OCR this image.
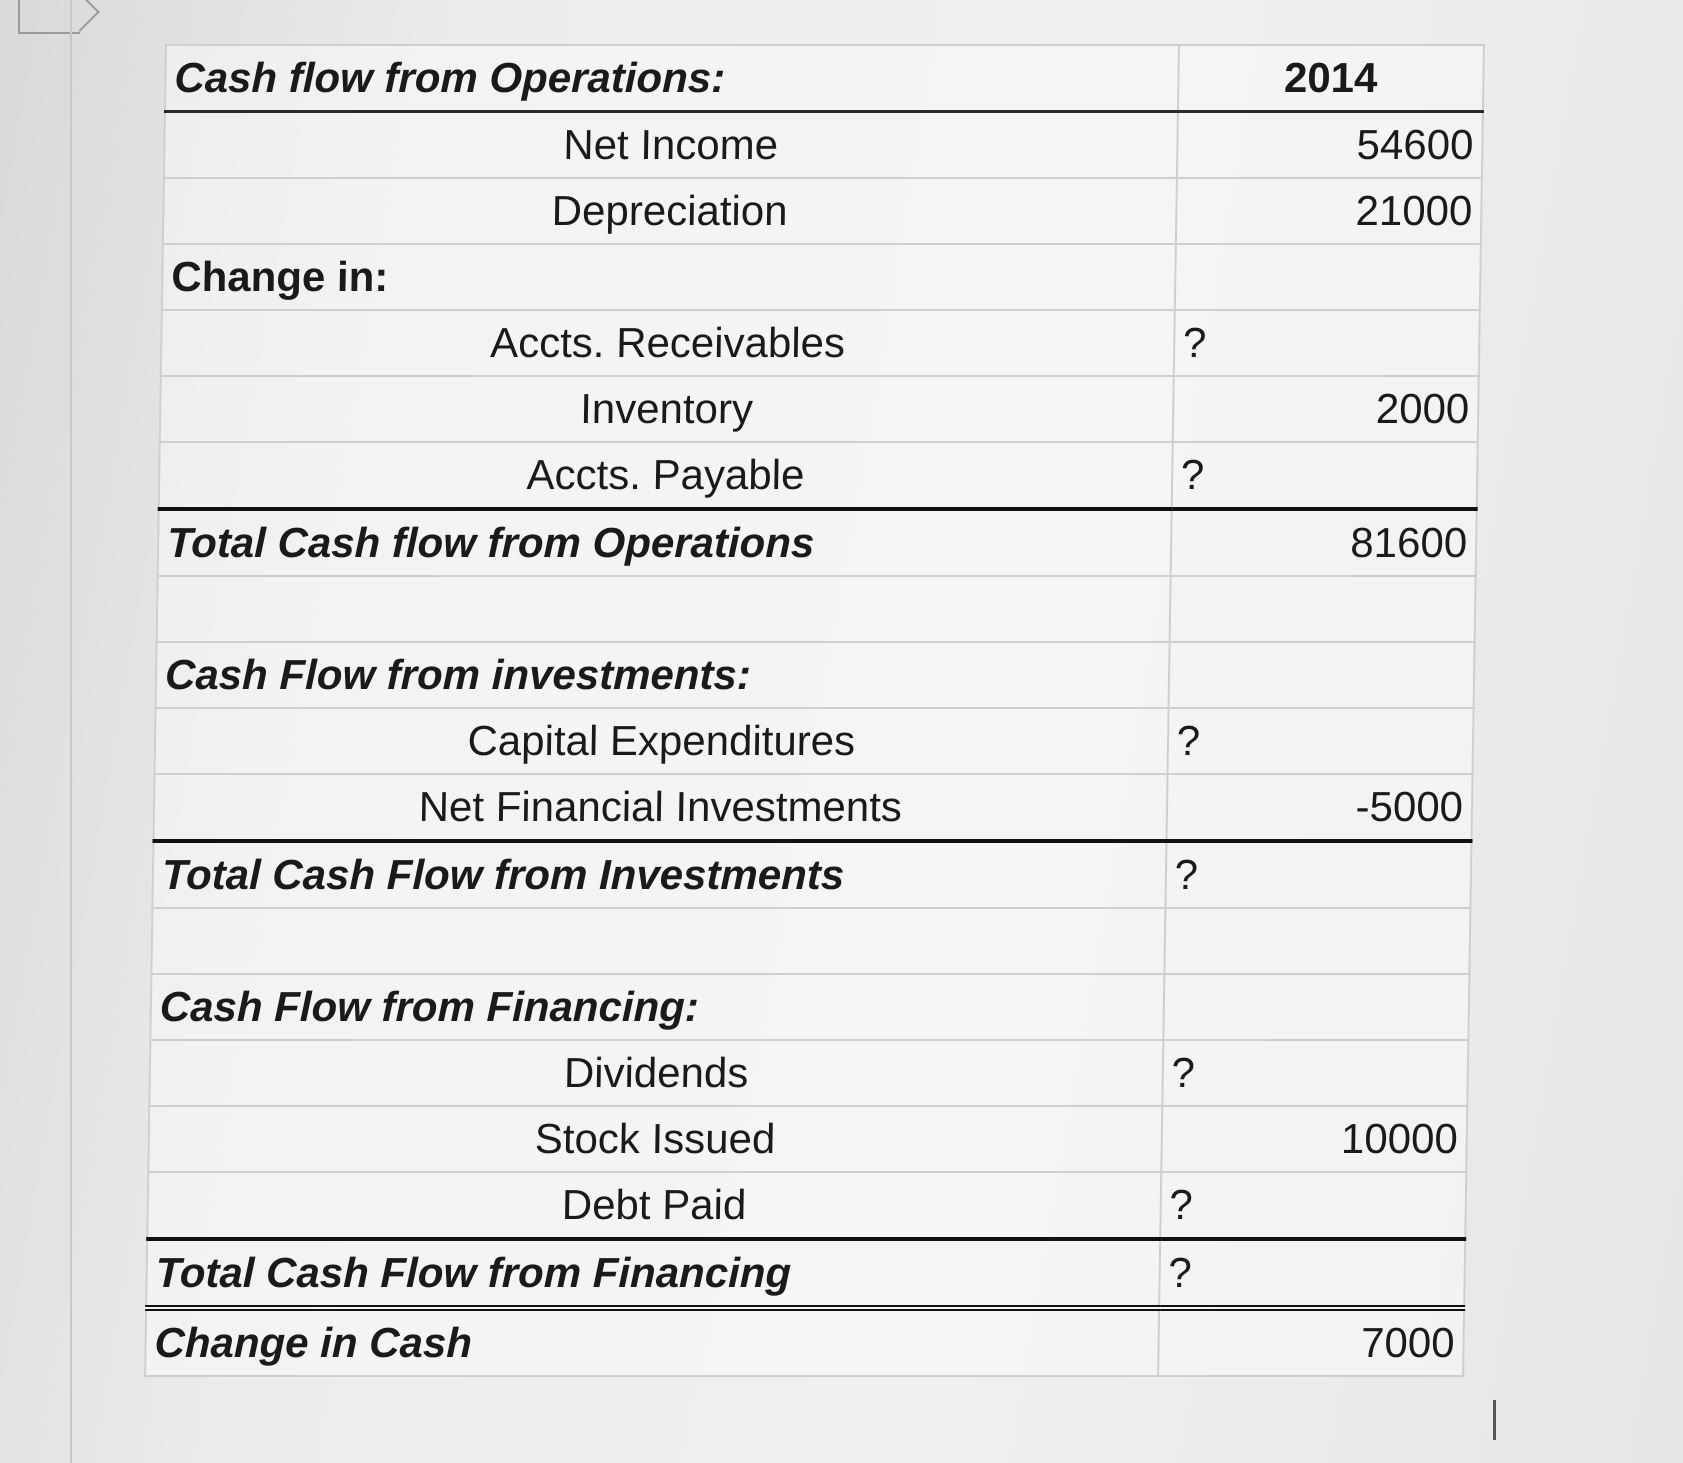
Cash flow from Operations:	2014
Net Income	54600
Depreciation	21000
Change in:	
Accts. Receivables	?
Inventory	2000
Accts. Payable	?
Total Cash flow from Operations	81600

Cash Flow from investments:	
Capital Expenditures	?
Net Financial Investments	-5000
Total Cash Flow from Investments	?

Cash Flow from Financing:	
Dividends	?
Stock Issued	10000
Debt Paid	?
Total Cash Flow from Financing	?
Change in Cash	7000
